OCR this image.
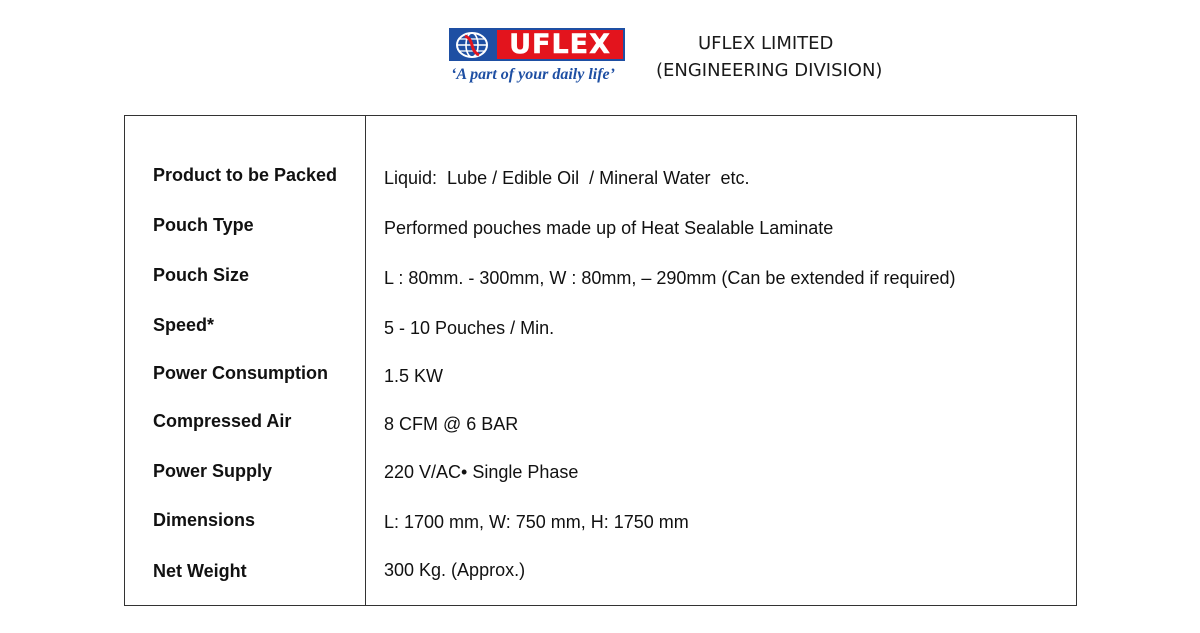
UFLEX
‘A part of your daily life’
UFLEX LIMITED
(ENGINEERING DIVISION)
Product to be Packed	Liquid:  Lube / Edible Oil  / Mineral Water  etc.
Pouch Type	Performed pouches made up of Heat Sealable Laminate
Pouch Size	L : 80mm. - 300mm, W : 80mm, – 290mm (Can be extended if required)
Speed*	5 - 10 Pouches / Min.
Power Consumption	1.5 KW
Compressed Air	8 CFM @ 6 BAR
Power Supply	220 V/AC• Single Phase
Dimensions	L: 1700 mm, W: 750 mm, H: 1750 mm
Net Weight	300 Kg. (Approx.)
